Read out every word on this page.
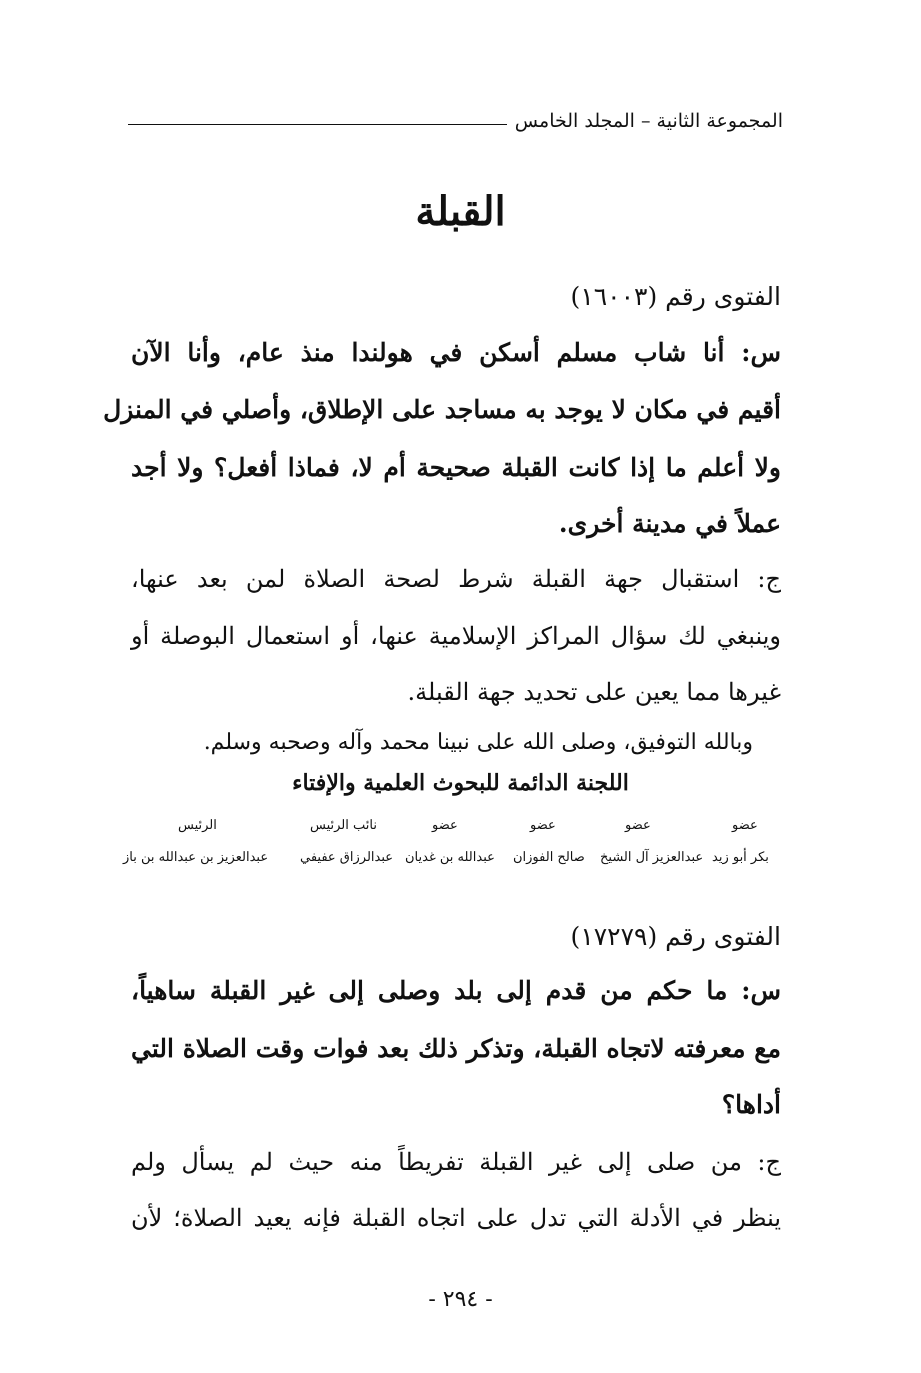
المجموعة الثانية – المجلد الخامس
القبلة
الفتوى رقم (١٦٠٠٣)
س: أنا شاب مسلم أسكن في هولندا منذ عام، وأنا الآن
أقيم في مكان لا يوجد به مساجد على الإطلاق، وأصلي في المنزل
ولا أعلم ما إذا كانت القبلة صحيحة أم لا، فماذا أفعل؟ ولا أجد
عملاً في مدينة أخرى.
ج: استقبال جهة القبلة شرط لصحة الصلاة لمن بعد عنها،
وينبغي لك سؤال المراكز الإسلامية عنها، أو استعمال البوصلة أو
غيرها مما يعين على تحديد جهة القبلة.
وبالله التوفيق، وصلى الله على نبينا محمد وآله وصحبه وسلم.
اللجنة الدائمة للبحوث العلمية والإفتاء
الرئيس
عبدالعزيز بن عبدالله بن باز
نائب الرئيس
عبدالرزاق عفيفي
عضو
عبدالله بن غديان
عضو
صالح الفوزان
عضو
عبدالعزيز آل الشيخ
عضو
بكر أبو زيد
الفتوى رقم (١٧٢٧٩)
س: ما حكم من قدم إلى بلد وصلى إلى غير القبلة ساهياً،
مع معرفته لاتجاه القبلة، وتذكر ذلك بعد فوات وقت الصلاة التي
أداها؟
ج: من صلى إلى غير القبلة تفريطاً منه حيث لم يسأل ولم
ينظر في الأدلة التي تدل على اتجاه القبلة فإنه يعيد الصلاة؛ لأن
- ٢٩٤ -
